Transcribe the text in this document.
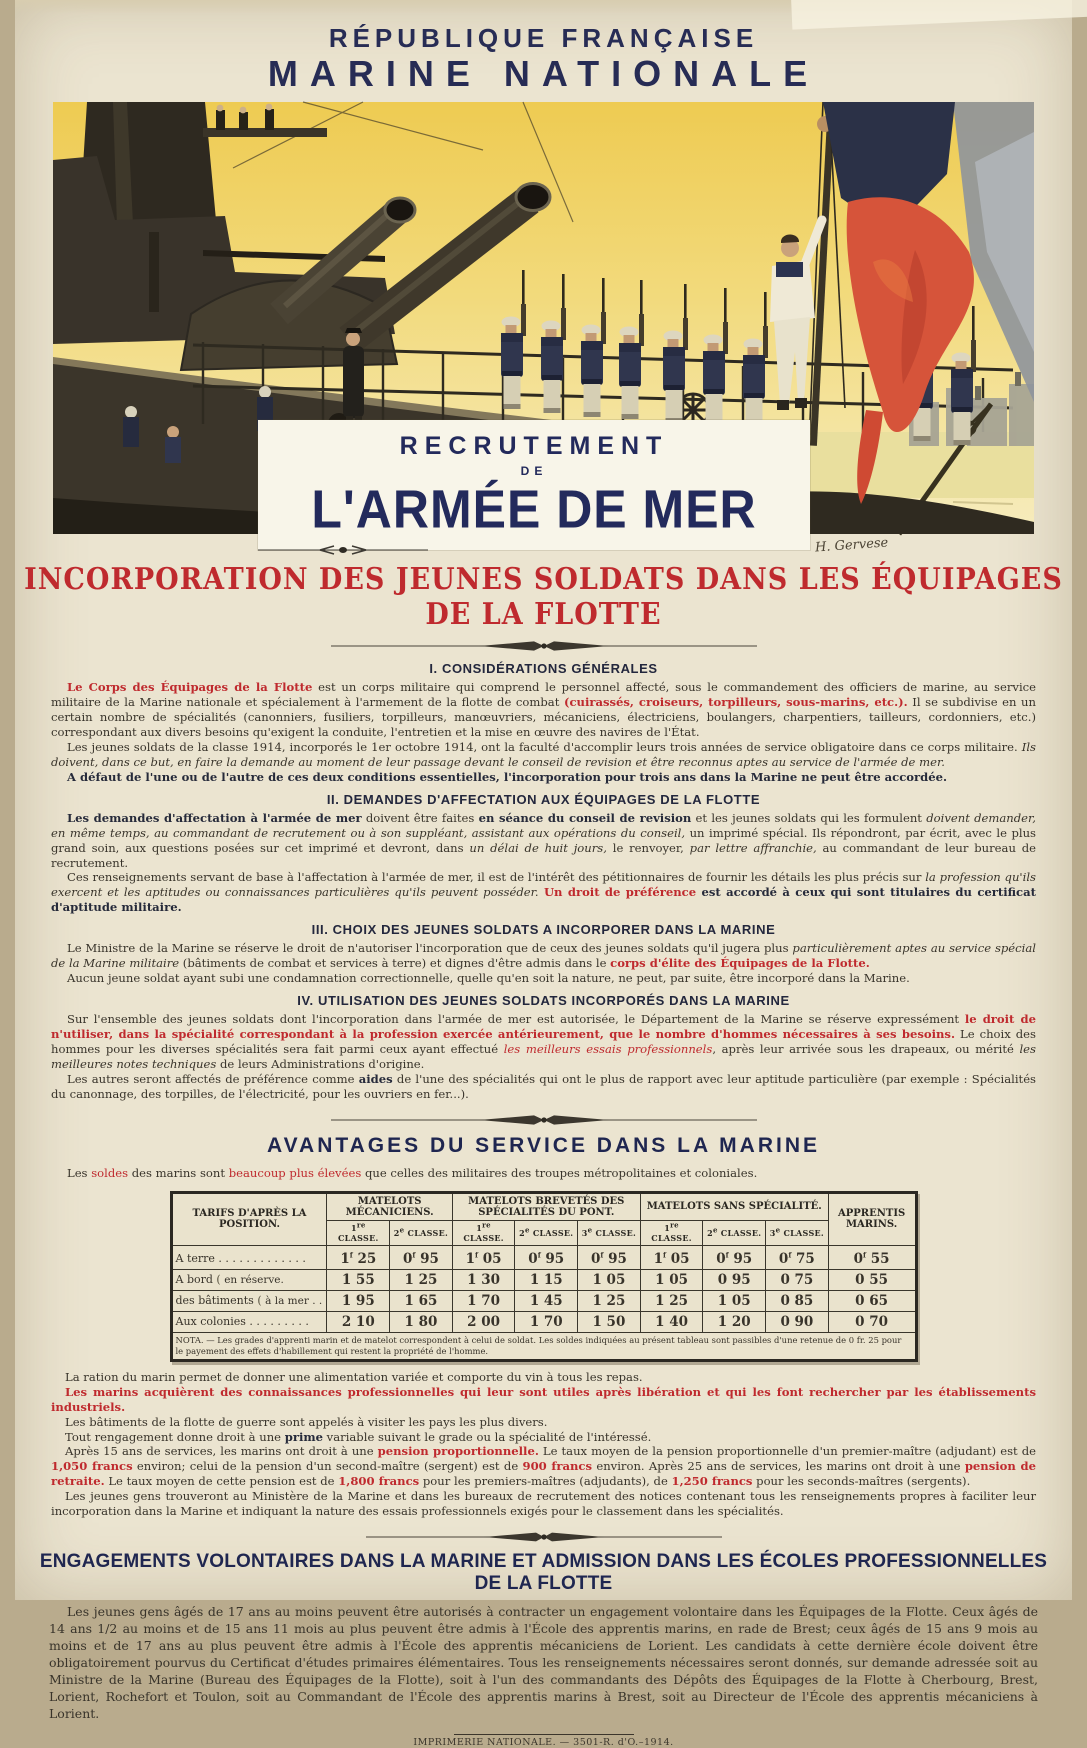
RÉPUBLIQUE FRANÇAISE
MARINE NATIONALE
RECRUTEMENT
DE
L'ARMÉE DE MER
H. Gervese
INCORPORATION DES JEUNES SOLDATS DANS LES ÉQUIPAGES DE LA FLOTTE
I. CONSIDÉRATIONS GÉNÉRALES

Le Corps des Équipages de la Flotte est un corps militaire qui comprend le personnel affecté, sous le commandement des officiers de marine, au service militaire de la Marine nationale et spécialement à l'armement de la flotte de combat (cuirassés, croiseurs, torpilleurs, sous-marins, etc.). Il se subdivise en un certain nombre de spécialités (canonniers, fusiliers, torpilleurs, manœuvriers, mécaniciens, électriciens, boulangers, charpentiers, tailleurs, cordonniers, etc.) correspondant aux divers besoins qu'exigent la conduite, l'entretien et la mise en œuvre des navires de l'État.

Les jeunes soldats de la classe 1914, incorporés le 1er octobre 1914, ont la faculté d'accomplir leurs trois années de service obligatoire dans ce corps militaire. Ils doivent, dans ce but, en faire la demande au moment de leur passage devant le conseil de revision et être reconnus aptes au service de l'armée de mer.

A défaut de l'une ou de l'autre de ces deux conditions essentielles, l'incorporation pour trois ans dans la Marine ne peut être accordée.

II. DEMANDES D'AFFECTATION AUX ÉQUIPAGES DE LA FLOTTE

Les demandes d'affectation à l'armée de mer doivent être faites en séance du conseil de revision et les jeunes soldats qui les formulent doivent demander, en même temps, au commandant de recrutement ou à son suppléant, assistant aux opérations du conseil, un imprimé spécial. Ils répondront, par écrit, avec le plus grand soin, aux questions posées sur cet imprimé et devront, dans un délai de huit jours, le renvoyer, par lettre affranchie, au commandant de leur bureau de recrutement.

Ces renseignements servant de base à l'affectation à l'armée de mer, il est de l'intérêt des pétitionnaires de fournir les détails les plus précis sur la profession qu'ils exercent et les aptitudes ou connaissances particulières qu'ils peuvent posséder. Un droit de préférence est accordé à ceux qui sont titulaires du certificat d'aptitude militaire.

III. CHOIX DES JEUNES SOLDATS A INCORPORER DANS LA MARINE

Le Ministre de la Marine se réserve le droit de n'autoriser l'incorporation que de ceux des jeunes soldats qu'il jugera plus particulièrement aptes au service spécial de la Marine militaire (bâtiments de combat et services à terre) et dignes d'être admis dans le corps d'élite des Équipages de la Flotte.

Aucun jeune soldat ayant subi une condamnation correctionnelle, quelle qu'en soit la nature, ne peut, par suite, être incorporé dans la Marine.

IV. UTILISATION DES JEUNES SOLDATS INCORPORÉS DANS LA MARINE

Sur l'ensemble des jeunes soldats dont l'incorporation dans l'armée de mer est autorisée, le Département de la Marine se réserve expressément le droit de n'utiliser, dans la spécialité correspondant à la profession exercée antérieurement, que le nombre d'hommes nécessaires à ses besoins. Le choix des hommes pour les diverses spécialités sera fait parmi ceux ayant effectué les meilleurs essais professionnels, après leur arrivée sous les drapeaux, ou mérité les meilleures notes techniques de leurs Administrations d'origine.

Les autres seront affectés de préférence comme aides de l'une des spécialités qui ont le plus de rapport avec leur aptitude particulière (par exemple : Spécialités du canonnage, des torpilles, de l'électricité, pour les ouvriers en fer...).

AVANTAGES DU SERVICE DANS LA MARINE

Les soldes des marins sont beaucoup plus élevées que celles des militaires des troupes métropolitaines et coloniales.

TARIFS D'APRÈS LA POSITION.	MATELOTS MÉCANICIENS.		MATELOTS BREVETÉS DES SPÉCIALITÉS DU PONT.			MATELOTS SANS SPÉCIALITÉ.			APPRENTIS MARINS.
	1re CLASSE.	2e CLASSE.	1re CLASSE.	2e CLASSE.	3e CLASSE.	1re CLASSE.	2e CLASSE.	3e CLASSE.	
A terre . . . . . . . . . . . . .	1$^f$ 25	0$^f$ 95	1$^f$ 05	0$^f$ 95	0$^f$ 95	1$^f$ 05	0$^f$ 95	0$^f$ 75	0$^f$ 55
A bord ( en réserve.	1 55	1 25	1 30	1 15	1 05	1 05	0 95	0 75	0 55
des bâtiments ( à la mer . .	1 95	1 65	1 70	1 45	1 25	1 25	1 05	0 85	0 65
Aux colonies . . . . . . . . .	2 10	1 80	2 00	1 70	1 50	1 40	1 20	0 90	0 70
NOTA. — Les grades d'apprenti marin et de matelot correspondent à celui de soldat. Les soldes indiquées au présent tableau sont passibles d'une retenue de 0 fr. 25 pour le payement des effets d'habillement qui restent la propriété de l'homme.									

La ration du marin permet de donner une alimentation variée et comporte du vin à tous les repas.

Les marins acquièrent des connaissances professionnelles qui leur sont utiles après libération et qui les font rechercher par les établissements industriels.

Les bâtiments de la flotte de guerre sont appelés à visiter les pays les plus divers.

Tout rengagement donne droit à une prime variable suivant le grade ou la spécialité de l'intéressé.

Après 15 ans de services, les marins ont droit à une pension proportionnelle. Le taux moyen de la pension proportionnelle d'un premier-maître (adjudant) est de 1,050 francs environ; celui de la pension d'un second-maître (sergent) est de 900 francs environ. Après 25 ans de services, les marins ont droit à une pension de retraite. Le taux moyen de cette pension est de 1,800 francs pour les premiers-maîtres (adjudants), de 1,250 francs pour les seconds-maîtres (sergents).

Les jeunes gens trouveront au Ministère de la Marine et dans les bureaux de recrutement des notices contenant tous les renseignements propres à faciliter leur incorporation dans la Marine et indiquant la nature des essais professionnels exigés pour le classement dans les spécialités.

ENGAGEMENTS VOLONTAIRES DANS LA MARINE ET ADMISSION DANS LES ÉCOLES PROFESSIONNELLES DE LA FLOTTE

Les jeunes gens âgés de 17 ans au moins peuvent être autorisés à contracter un engagement volontaire dans les Équipages de la Flotte. Ceux âgés de 14 ans 1/2 au moins et de 15 ans 11 mois au plus peuvent être admis à l'École des apprentis marins, en rade de Brest; ceux âgés de 15 ans 9 mois au moins et de 17 ans au plus peuvent être admis à l'École des apprentis mécaniciens de Lorient. Les candidats à cette dernière école doivent être obligatoirement pourvus du Certificat d'études primaires élémentaires. Tous les renseignements nécessaires seront donnés, sur demande adressée soit au Ministre de la Marine (Bureau des Équipages de la Flotte), soit à l'un des commandants des Dépôts des Équipages de la Flotte à Cherbourg, Brest, Lorient, Rochefort et Toulon, soit au Commandant de l'École des apprentis marins à Brest, soit au Directeur de l'École des apprentis mécaniciens à Lorient.

IMPRIMERIE NATIONALE. — 3501-R. d'O.–1914.
